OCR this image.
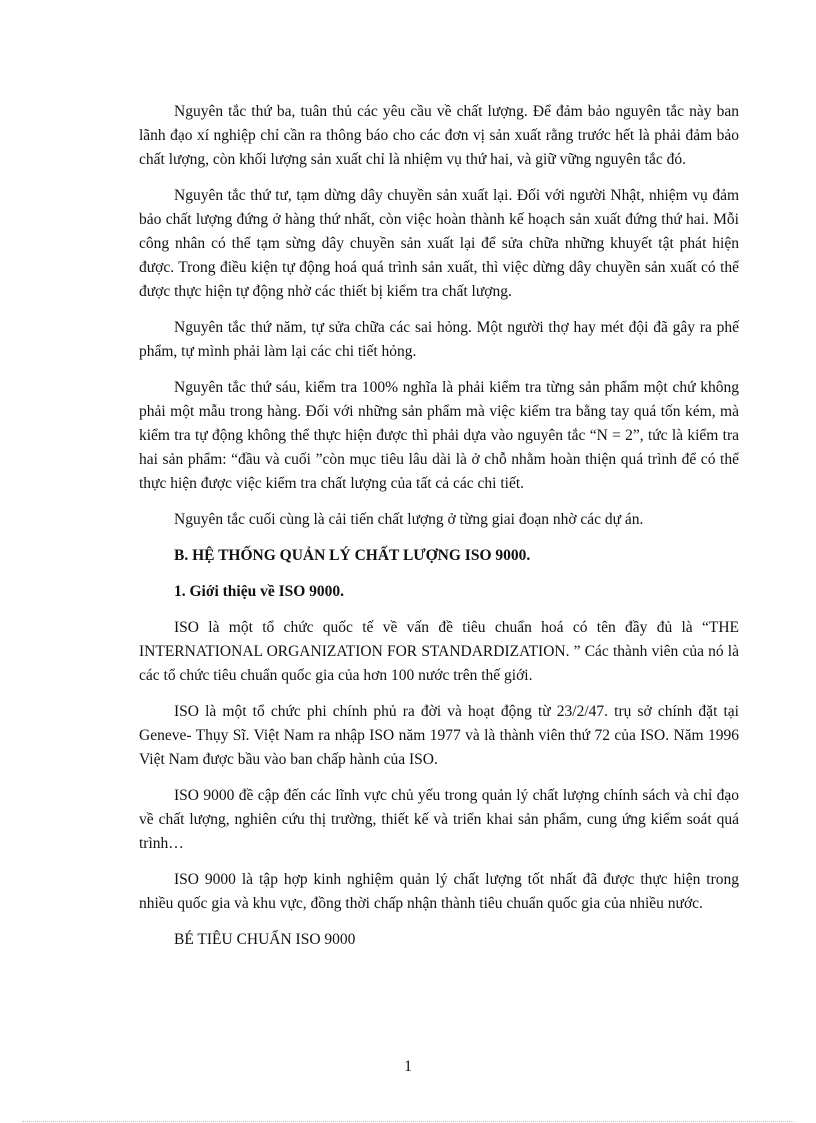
Nguyên tắc thứ ba, tuân thủ các yêu cầu về chất lượng. Để đảm bảo nguyên tắc này ban lãnh đạo xí nghiệp chỉ cần ra thông báo cho các đơn vị sản xuất rằng trước hết là phải đảm bảo chất lượng, còn khối lượng sản xuất chỉ là nhiệm vụ thứ hai, và giữ vững nguyên tắc đó.

Nguyên tắc thứ tư, tạm dừng dây chuyền sản xuất lại. Đối với người Nhật, nhiệm vụ đảm bảo chất lượng đứng ở hàng thứ nhất, còn việc hoàn thành kế hoạch sản xuất đứng thứ hai. Mỗi công nhân có thể tạm sừng dây chuyền sản xuất lại để sửa chữa những khuyết tật phát hiện được. Trong điều kiện tự động hoá quá trình sản xuất, thì việc dừng dây chuyền sản xuất có thể được thực hiện tự động nhờ các thiết bị kiểm tra chất lượng.

Nguyên tắc thứ năm, tự sửa chữa các sai hỏng. Một người thợ hay mét đội đã gây ra phế phẩm, tự mình phải làm lại các chi tiết hỏng.

Nguyên tắc thứ sáu, kiểm tra 100% nghĩa là phải kiểm tra từng sản phẩm một chứ không phải một mẫu trong hàng. Đối với những sản phẩm mà việc kiểm tra bằng tay quá tốn kém, mà kiểm tra tự động không thể thực hiện được thì phải dựa vào nguyên tắc “N = 2”, tức là kiểm tra hai sản phẩm: “đầu và cuối ”còn mục tiêu lâu dài là ở chỗ nhằm hoàn thiện quá trình để có thể thực hiện được việc kiểm tra chất lượng của tất cả các chi tiết.

Nguyên tắc cuối cùng là cải tiến chất lượng ở từng giai đoạn nhờ các dự án.

B. HỆ THỐNG QUẢN LÝ CHẤT LƯỢNG ISO 9000.

1. Giới thiệu về ISO 9000.

ISO là một tổ chức quốc tế về vấn đề tiêu chuẩn hoá có tên đầy đủ là “THE INTERNATIONAL ORGANIZATION FOR STANDARDIZATION. ” Các thành viên của nó là các tổ chức tiêu chuẩn quốc gia của hơn 100 nước trên thế giới.

ISO là một tổ chức phi chính phủ ra đời và hoạt động từ 23/2/47. trụ sở chính đặt tại Geneve- Thụy Sĩ. Việt Nam ra nhập ISO năm 1977 và là thành viên thứ 72 của ISO. Năm 1996 Việt Nam được bầu vào ban chấp hành của ISO.

ISO 9000 đề cập đến các lĩnh vực chủ yếu trong quản lý chất lượng chính sách và chỉ đạo về chất lượng, nghiên cứu thị trường, thiết kế và triển khai sản phẩm, cung ứng kiểm soát quá trình…

ISO 9000 là tập hợp kinh nghiệm quản lý chất lượng tốt nhất đã được thực hiện trong nhiều quốc gia và khu vực, đồng thời chấp nhận thành tiêu chuẩn quốc gia của nhiều nước.

BÉ TIÊU CHUẨN ISO 9000

1
